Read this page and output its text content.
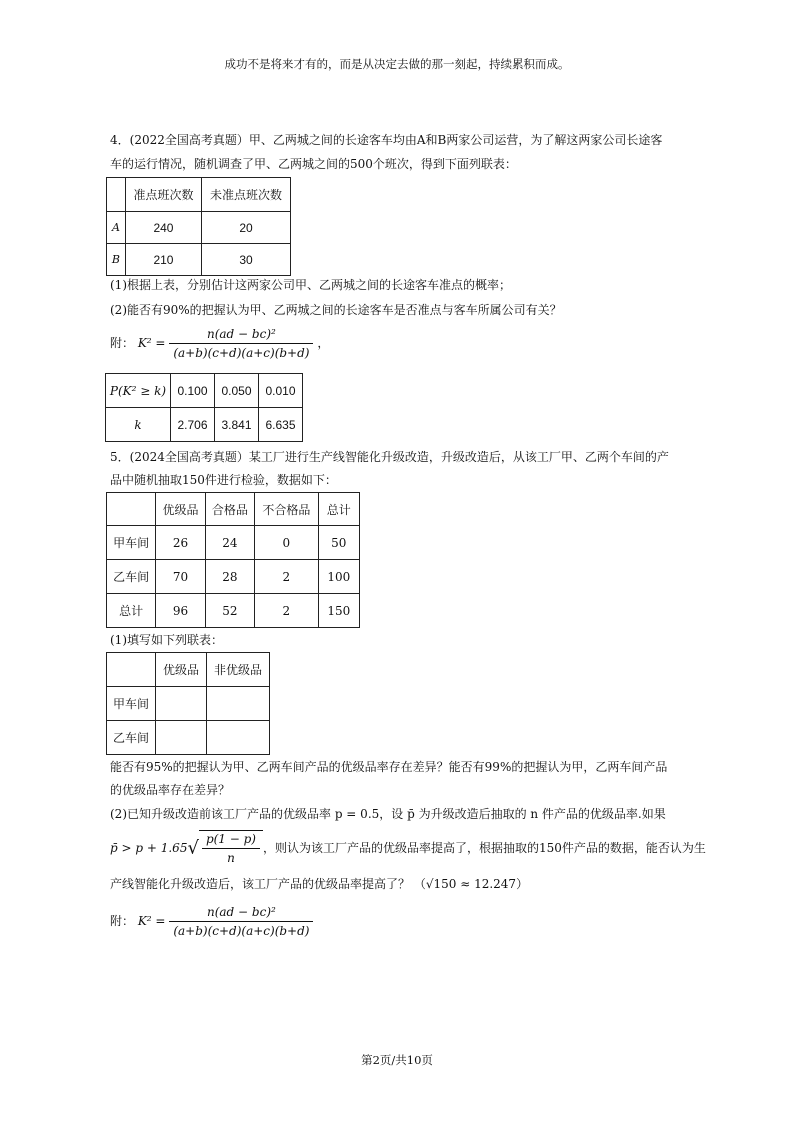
成功不是将来才有的，而是从决定去做的那一刻起，持续累积而成。
4．(2022全国高考真题）甲、乙两城之间的长途客车均由A和B两家公司运营，为了解这两家公司长途客
车的运行情况，随机调查了甲、乙两城之间的500个班次，得到下面列联表：
	准点班次数	未准点班次数
A	240	20
B	210	30
(1)根据上表，分别估计这两家公司甲、乙两城之间的长途客车准点的概率；
(2)能否有90%的把握认为甲、乙两城之间的长途客车是否准点与客车所属公司有关？
附： $K^2 = \frac{\text{n(ad − bc)²}}{(a+b)(c+d)(a+c)(b+d)}$ ，
P(K² ≥ k)	0.100	0.050	0.010
k	2.706	3.841	6.635
5．(2024全国高考真题）某工厂进行生产线智能化升级改造，升级改造后，从该工厂甲、乙两个车间的产
品中随机抽取150件进行检验，数据如下：
	优级品	合格品	不合格品	总计
甲车间	26	24	0	50
乙车间	70	28	2	100
总计	96	52	2	150
(1)填写如下列联表：
	优级品	非优级品
甲车间		
乙车间		
能否有95%的把握认为甲、乙两车间产品的优级品率存在差异？能否有99%的把握认为甲，乙两车间产品
的优级品率存在差异？
(2)已知升级改造前该工厂产品的优级品率 p = 0.5，设 p̄ 为升级改造后抽取的 n 件产品的优级品率.如果
p̄ > $p + 1.65√ \frac{p(1 - p)}{n}$ ，则认为该工厂产品的优级品率提高了，根据抽取的150件产品的数据，能否认为生
产线智能化升级改造后，该工厂产品的优级品率提高了？ （√150 ≈ 12.247）
附： $K^2 = \frac{\text{n(ad − bc)²}}{(a+b)(c+d)(a+c)(b+d)}$
第2页/共10页
